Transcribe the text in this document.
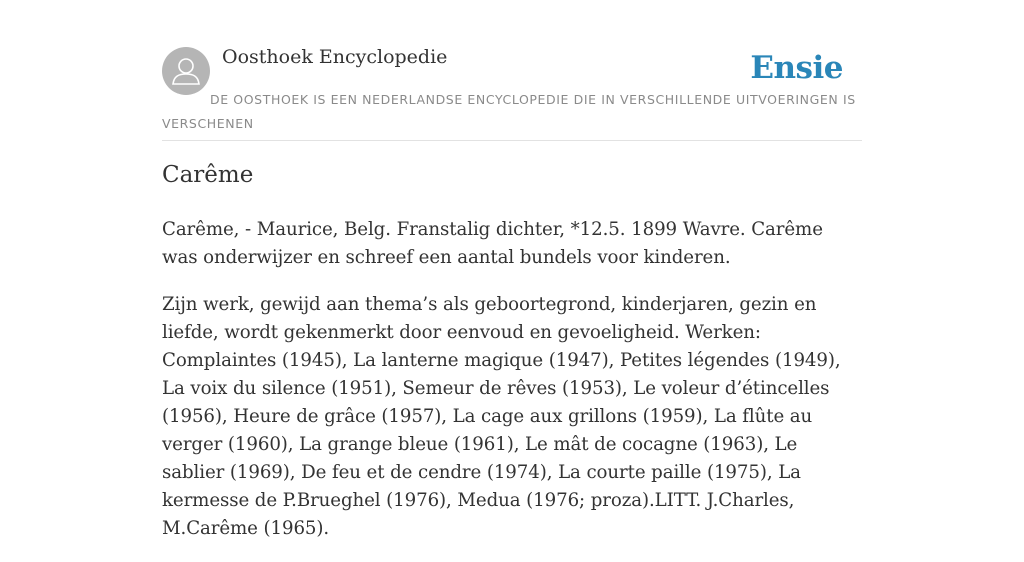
Oosthoek Encyclopedie	Ensie
DE OOSTHOEK IS EEN NEDERLANDSE ENCYCLOPEDIE DIE IN VERSCHILLENDE UITVOERINGEN IS VERSCHENEN
Carême

Carême, - Maurice, Belg. Franstalig dichter, *12.5. 1899 Wavre. Carême was onderwijzer en schreef een aantal bundels voor kinderen.

Zijn werk, gewijd aan thema’s als geboortegrond, kinderjaren, gezin en liefde, wordt gekenmerkt door eenvoud en gevoeligheid. Werken: Complaintes (1945), La lanterne magique (1947), Petites légendes (1949), La voix du silence (1951), Semeur de rêves (1953), Le voleur d’étincelles (1956), Heure de grâce (1957), La cage aux grillons (1959), La flûte au verger (1960), La grange bleue (1961), Le mât de cocagne (1963), Le sablier (1969), De feu et de cendre (1974), La courte paille (1975), La kermesse de P.Brueghel (1976), Medua (1976; proza).LITT. J.Charles, M.Carême (1965).
